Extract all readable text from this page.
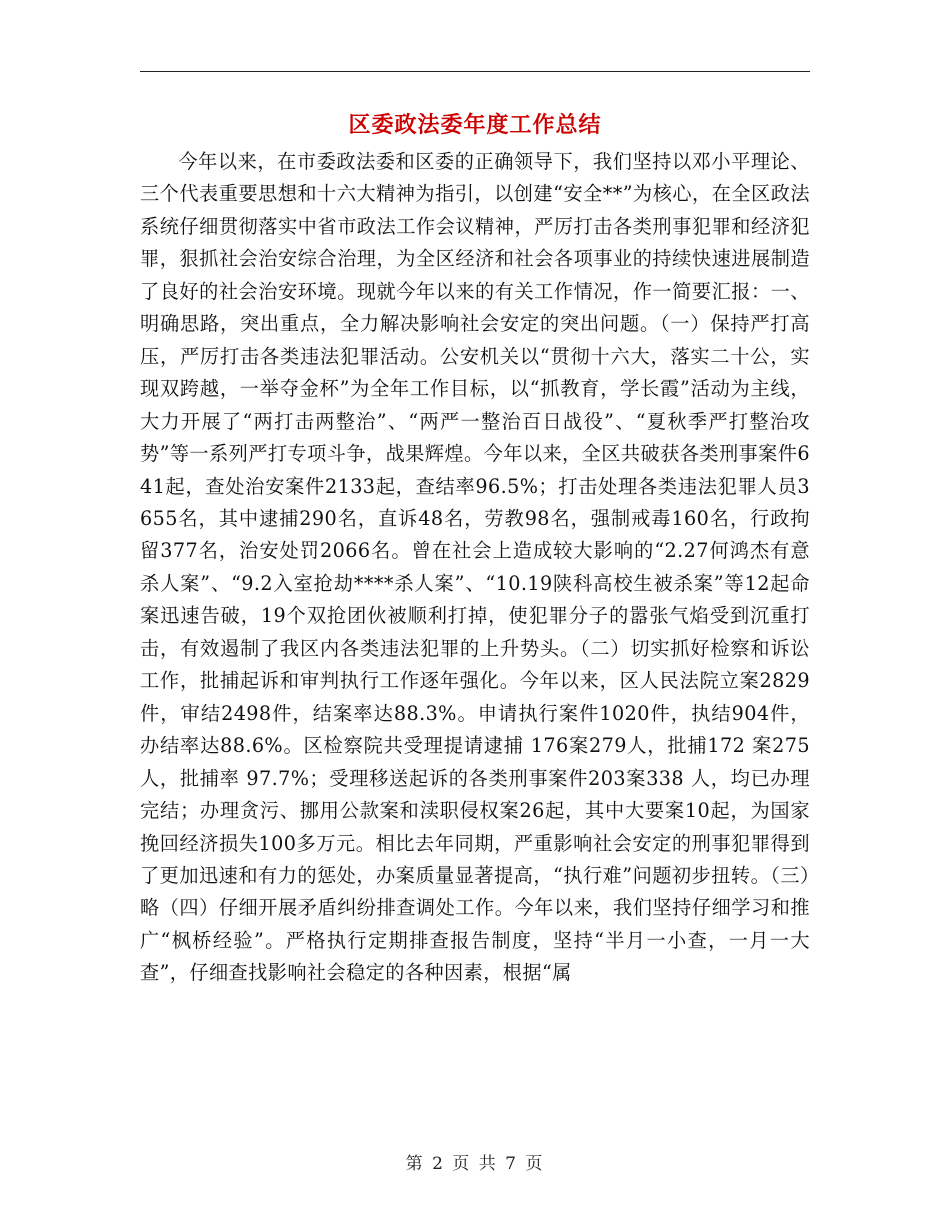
区委政法委年度工作总结

今年以来，在市委政法委和区委的正确领导下，我们坚持以邓小平理论、三个代表重要思想和十六大精神为指引，以创建“安全**”为核心，在全区政法系统仔细贯彻落实中省市政法工作会议精神，严厉打击各类刑事犯罪和经济犯罪，狠抓社会治安综合治理，为全区经济和社会各项事业的持续快速进展制造了良好的社会治安环境。现就今年以来的有关工作情况，作一简要汇报：一、明确思路，突出重点，全力解决影响社会安定的突出问题。（一）保持严打高压，严厉打击各类违法犯罪活动。公安机关以“贯彻十六大，落实二十公，实现双跨越，一举夺金杯”为全年工作目标，以“抓教育，学长霞”活动为主线，大力开展了“两打击两整治”、“两严一整治百日战役”、“夏秋季严打整治攻势”等一系列严打专项斗争，战果辉煌。今年以来，全区共破获各类刑事案件641起，查处治安案件2133起，查结率96.5%；打击处理各类违法犯罪人员3655名，其中逮捕290名，直诉48名，劳教98名，强制戒毒160名，行政拘留377名，治安处罚2066名。曾在社会上造成较大影响的“2.27何鸿杰有意杀人案”、“9.2入室抢劫****杀人案”、“10.19陕科高校生被杀案”等12起命案迅速告破，19个双抢团伙被顺利打掉，使犯罪分子的嚣张气焰受到沉重打击，有效遏制了我区内各类违法犯罪的上升势头。（二）切实抓好检察和诉讼工作，批捕起诉和审判执行工作逐年强化。今年以来，区人民法院立案2829 件，审结2498件，结案率达88.3%。申请执行案件1020件，执结904件，办结率达88.6%。区检察院共受理提请逮捕 176案279人，批捕172 案275人，批捕率 97.7%；受理移送起诉的各类刑事案件203案338 人，均已办理完结；办理贪污、挪用公款案和渎职侵权案26起，其中大要案10起，为国家挽回经济损失100多万元。相比去年同期，严重影响社会安定的刑事犯罪得到了更加迅速和有力的惩处，办案质量显著提高，“执行难”问题初步扭转。（三）略（四）仔细开展矛盾纠纷排查调处工作。今年以来，我们坚持仔细学习和推广“枫桥经验”。严格执行定期排查报告制度，坚持“半月一小查，一月一大查”，仔细查找影响社会稳定的各种因素，根据“属

第 2 页 共 7 页
